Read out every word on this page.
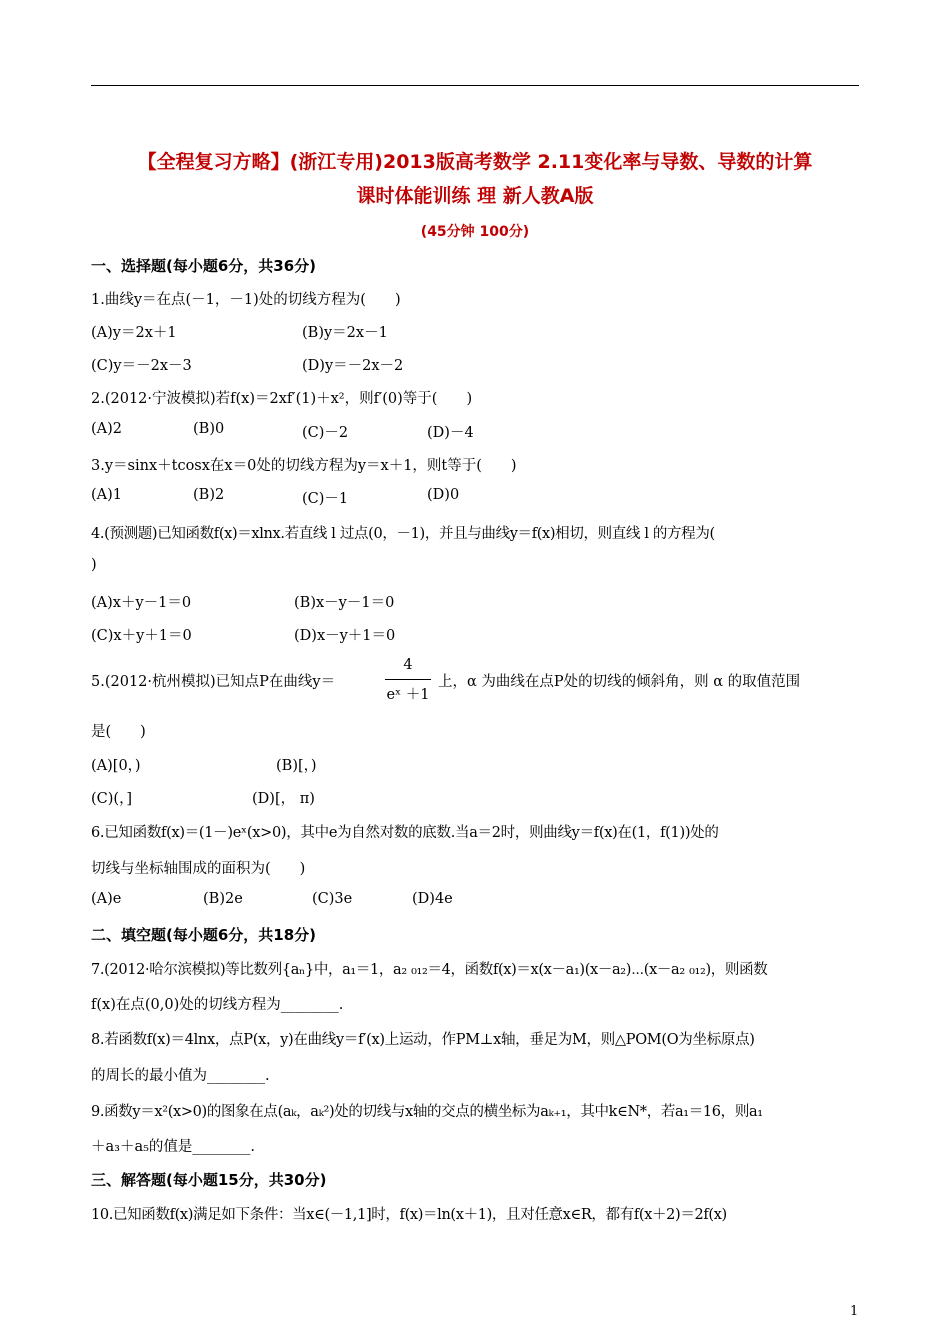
【全程复习方略】(浙江专用)2013版高考数学 2.11变化率与导数、导数的计算
课时体能训练 理 新人教A版
(45分钟 100分)
一、选择题(每小题6分，共36分)
1.曲线y＝在点(－1，－1)处的切线方程为(　　)
(A)y＝2x＋1	(B)y＝2x－1
(C)y＝－2x－3	(D)y＝－2x－2
2.(2012·宁波模拟)若f(x)＝2xf′(1)＋x²，则f′(0)等于(　　)
(A)2	(B)0	(C)－2	(D)－4
3.y＝sinx＋tcosx在x＝0处的切线方程为y＝x＋1，则t等于(　　)
(A)1	(B)2	(C)－1	(D)0
4.(预测题)已知函数f(x)＝xlnx.若直线 l 过点(0，－1)，并且与曲线y＝f(x)相切，则直线 l 的方程为(
)
(A)x＋y－1＝0	(B)x－y－1＝0
(C)x＋y＋1＝0	(D)x－y＋1＝0
5.(2012·杭州模拟)已知点P在曲线y＝
4
eˣ ＋1
上，α 为曲线在点P处的切线的倾斜角，则 α 的取值范围
是(　　)
(A)[0，)	(B)[，)
(C)(，]	(D)[， π)
6.已知函数f(x)＝(1－)eˣ(x>0)，其中e为自然对数的底数.当a＝2时，则曲线y＝f(x)在(1，f(1))处的
切线与坐标轴围成的面积为(　　)
(A)e	(B)2e	(C)3e	(D)4e
二、填空题(每小题6分，共18分)
7.(2012·哈尔滨模拟)等比数列{aₙ}中，a₁＝1，a₂ ₀₁₂＝4，函数f(x)＝x(x－a₁)(x－a₂)⋯(x－a₂ ₀₁₂)，则函数
f(x)在点(0,0)处的切线方程为________.
8.若函数f(x)＝4lnx，点P(x，y)在曲线y＝f′(x)上运动，作PM⊥x轴，垂足为M，则△POM(O为坐标原点)
的周长的最小值为________.
9.函数y＝x²(x>0)的图象在点(aₖ，aₖ²)处的切线与x轴的交点的横坐标为aₖ₊₁，其中k∈N*，若a₁＝16，则a₁
＋a₃＋a₅的值是________.
三、解答题(每小题15分，共30分)
10.已知函数f(x)满足如下条件：当x∈(－1,1]时，f(x)＝ln(x＋1)，且对任意x∈R，都有f(x＋2)＝2f(x)
1
